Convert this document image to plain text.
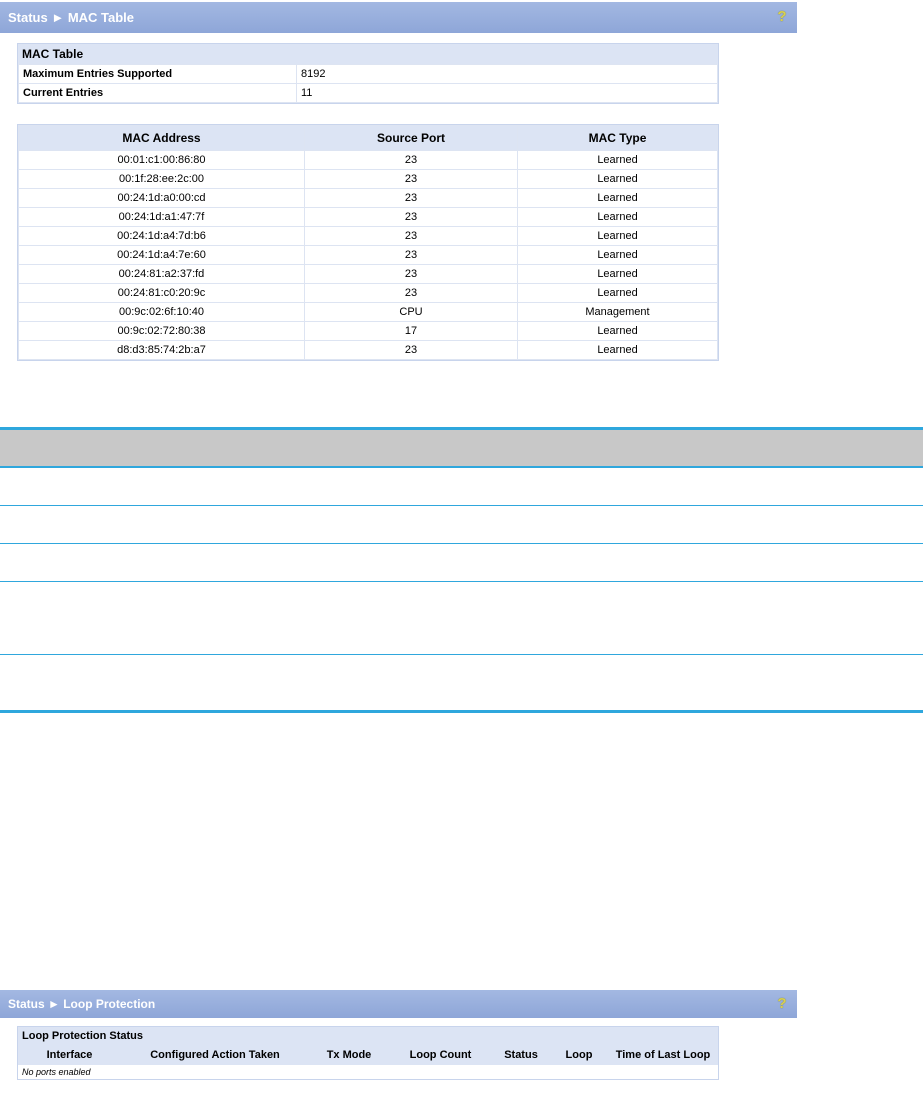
Status ► MAC Table	?
MAC Table
Maximum Entries Supported	8192
Current Entries	11
MAC Address	Source Port	MAC Type
00:01:c1:00:86:80	23	Learned
00:1f:28:ee:2c:00	23	Learned
00:24:1d:a0:00:cd	23	Learned
00:24:1d:a1:47:7f	23	Learned
00:24:1d:a4:7d:b6	23	Learned
00:24:1d:a4:7e:60	23	Learned
00:24:81:a2:37:fd	23	Learned
00:24:81:c0:20:9c	23	Learned
00:9c:02:6f:10:40	CPU	Management
00:9c:02:72:80:38	17	Learned
d8:d3:85:74:2b:a7	23	Learned
Status ► Loop Protection	?
Loop Protection Status
Interface	Configured Action Taken	Tx Mode	Loop Count	Status	Loop	Time of Last Loop
No ports enabled
